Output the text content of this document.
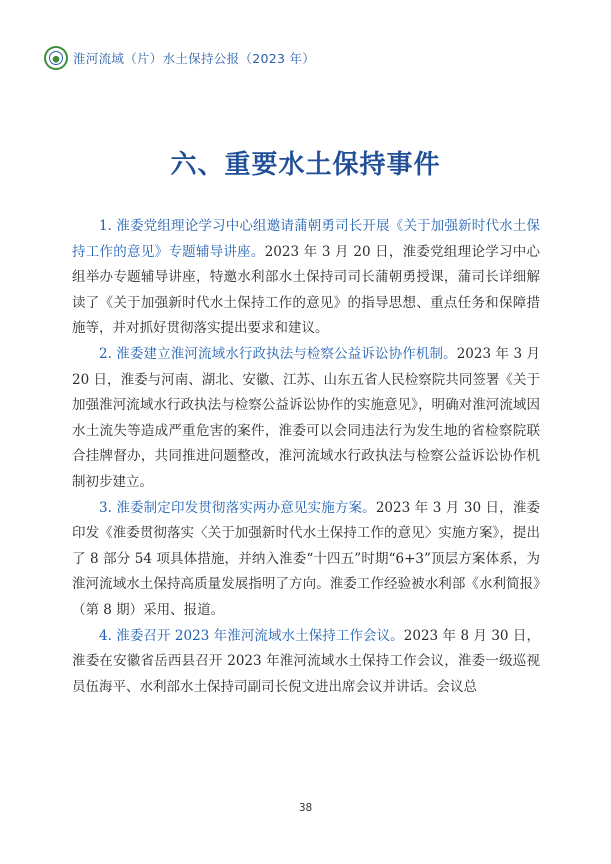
淮河流域（片）水土保持公报（2023 年）
六、重要水土保持事件

1. 淮委党组理论学习中心组邀请蒲朝勇司长开展《关于加强新时代水土保持工作的意见》专题辅导讲座。2023 年 3 月 20 日，淮委党组理论学习中心组举办专题辅导讲座，特邀水利部水土保持司司长蒲朝勇授课，蒲司长详细解读了《关于加强新时代水土保持工作的意见》的指导思想、重点任务和保障措施等，并对抓好贯彻落实提出要求和建议。

2. 淮委建立淮河流域水行政执法与检察公益诉讼协作机制。2023 年 3 月 20 日，淮委与河南、湖北、安徽、江苏、山东五省人民检察院共同签署《关于加强淮河流域水行政执法与检察公益诉讼协作的实施意见》，明确对淮河流域因水土流失等造成严重危害的案件，淮委可以会同违法行为发生地的省检察院联合挂牌督办，共同推进问题整改，淮河流域水行政执法与检察公益诉讼协作机制初步建立。

3. 淮委制定印发贯彻落实两办意见实施方案。2023 年 3 月 30 日，淮委印发《淮委贯彻落实〈关于加强新时代水土保持工作的意见〉实施方案》，提出了 8 部分 54 项具体措施，并纳入淮委“十四五”时期“6+3”顶层方案体系，为淮河流域水土保持高质量发展指明了方向。淮委工作经验被水利部《水利简报》（第 8 期）采用、报道。

4. 淮委召开 2023 年淮河流域水土保持工作会议。2023 年 8 月 30 日，淮委在安徽省岳西县召开 2023 年淮河流域水土保持工作会议，淮委一级巡视员伍海平、水利部水土保持司副司长倪文进出席会议并讲话。会议总

38
